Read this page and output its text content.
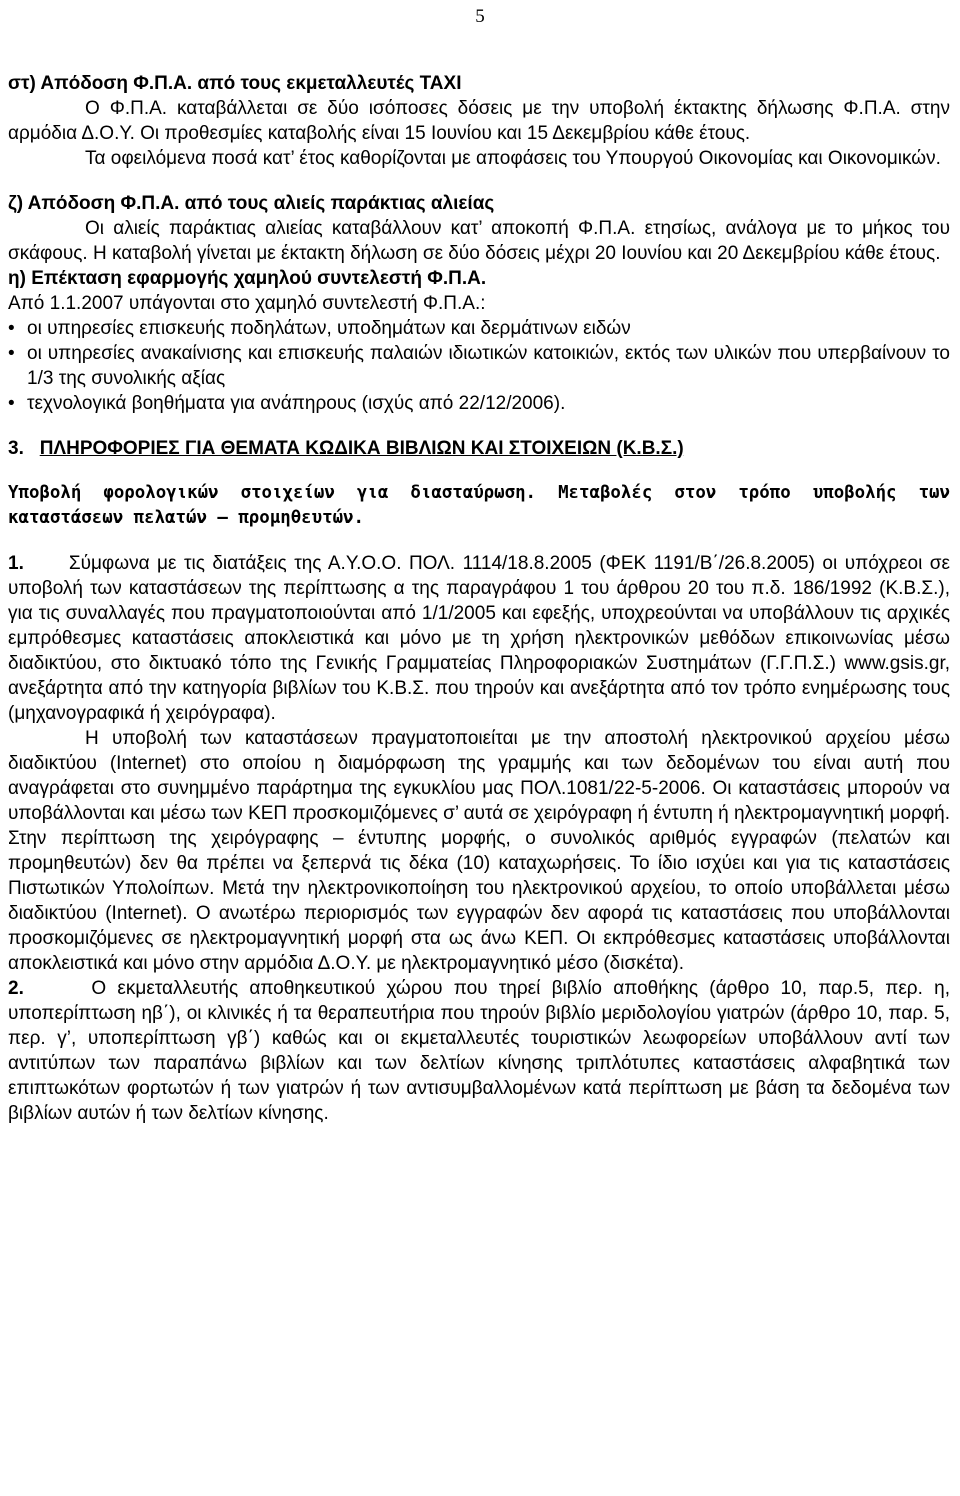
5

στ) Απόδοση Φ.Π.Α. από τους εκμεταλλευτές ΤΑΧΙ

Ο Φ.Π.Α. καταβάλλεται σε δύο ισόποσες δόσεις με την υποβολή έκτακτης δήλωσης Φ.Π.Α. στην αρμόδια Δ.Ο.Υ. Οι προθεσμίες καταβολής είναι 15 Ιουνίου και 15 Δεκεμβρίου κάθε έτους.

Τα οφειλόμενα ποσά κατ’ έτος καθορίζονται με αποφάσεις του Υπουργού Οικονομίας και Οικονομικών.

ζ) Απόδοση Φ.Π.Α. από τους αλιείς παράκτιας αλιείας

Οι αλιείς παράκτιας αλιείας καταβάλλουν κατ’ αποκοπή Φ.Π.Α. ετησίως, ανάλογα με το μήκος του σκάφους. Η καταβολή γίνεται με έκτακτη δήλωση σε δύο δόσεις μέχρι 20 Ιουνίου και 20 Δεκεμβρίου κάθε έτους.

η) Επέκταση εφαρμογής χαμηλού συντελεστή Φ.Π.Α.

Από 1.1.2007 υπάγονται στο χαμηλό συντελεστή Φ.Π.Α.:

• οι υπηρεσίες επισκευής ποδηλάτων, υποδημάτων και δερμάτινων ειδών
• οι υπηρεσίες ανακαίνισης και επισκευής παλαιών ιδιωτικών κατοικιών, εκτός των υλικών που υπερβαίνουν το 1/3 της συνολικής αξίας
• τεχνολογικά βοηθήματα για ανάπηρους (ισχύς από 22/12/2006).

3. ΠΛΗΡΟΦΟΡΙΕΣ ΓΙΑ ΘΕΜΑΤΑ ΚΩΔΙΚΑ ΒΙΒΛΙΩΝ ΚΑΙ ΣΤΟΙΧΕΙΩΝ (Κ.Β.Σ.)

Υποβολή φορολογικών στοιχείων για διασταύρωση. Μεταβολές στον τρόπο υποβολής των καταστάσεων πελατών – προμηθευτών.

1. Σύμφωνα με τις διατάξεις της Α.Υ.Ο.Ο. ΠΟΛ. 1114/18.8.2005 (ΦΕΚ 1191/Β΄/26.8.2005) οι υπόχρεοι σε υποβολή των καταστάσεων της περίπτωσης α της παραγράφου 1 του άρθρου 20 του π.δ. 186/1992 (Κ.Β.Σ.), για τις συναλλαγές που πραγματοποιούνται από 1/1/2005 και εφεξής, υποχρεούνται να υποβάλλουν τις αρχικές εμπρόθεσμες καταστάσεις αποκλειστικά και μόνο με τη χρήση ηλεκτρονικών μεθόδων επικοινωνίας μέσω διαδικτύου, στο δικτυακό τόπο της Γενικής Γραμματείας Πληροφοριακών Συστημάτων (Γ.Γ.Π.Σ.) www.gsis.gr, ανεξάρτητα από την κατηγορία βιβλίων του Κ.Β.Σ. που τηρούν και ανεξάρτητα από τον τρόπο ενημέρωσης τους (μηχανογραφικά ή χειρόγραφα).

Η υποβολή των καταστάσεων πραγματοποιείται με την αποστολή ηλεκτρονικού αρχείου μέσω διαδικτύου (Internet) στο οποίου η διαμόρφωση της γραμμής και των δεδομένων του είναι αυτή που αναγράφεται στο συνημμένο παράρτημα της εγκυκλίου μας ΠΟΛ.1081/22-5-2006. Οι καταστάσεις μπορούν να υποβάλλονται και μέσω των ΚΕΠ προσκομιζόμενες σ’ αυτά σε χειρόγραφη ή έντυπη ή ηλεκτρομαγνητική μορφή. Στην περίπτωση της χειρόγραφης – έντυπης μορφής, ο συνολικός αριθμός εγγραφών (πελατών και προμηθευτών) δεν θα πρέπει να ξεπερνά τις δέκα (10) καταχωρήσεις. Το ίδιο ισχύει και για τις καταστάσεις Πιστωτικών Υπολοίπων. Μετά την ηλεκτρονικοποίηση του ηλεκτρονικού αρχείου, το οποίο υποβάλλεται μέσω διαδικτύου (Internet). Ο ανωτέρω περιορισμός των εγγραφών δεν αφορά τις καταστάσεις που υποβάλλονται προσκομιζόμενες σε ηλεκτρομαγνητική μορφή στα ως άνω ΚΕΠ. Οι εκπρόθεσμες καταστάσεις υποβάλλονται αποκλειστικά και μόνο στην αρμόδια Δ.Ο.Υ. με ηλεκτρομαγνητικό μέσο (δισκέτα).

2.	Ο εκμεταλλευτής αποθηκευτικού χώρου που τηρεί βιβλίο αποθήκης (άρθρο 10, παρ.5, περ. η, υποπερίπτωση ηβ΄), οι κλινικές ή τα θεραπευτήρια που τηρούν βιβλίο μεριδολογίου γιατρών (άρθρο 10, παρ. 5, περ. γ’, υποπερίπτωση γβ΄) καθώς και οι εκμεταλλευτές τουριστικών λεωφορείων υποβάλλουν αντί των αντιτύπων των παραπάνω βιβλίων και των δελτίων κίνησης τριπλότυπες καταστάσεις αλφαβητικά των επιπτωκότων φορτωτών ή των γιατρών ή των αντισυμβαλλομένων κατά περίπτωση με βάση τα δεδομένα των βιβλίων αυτών ή των δελτίων κίνησης.
